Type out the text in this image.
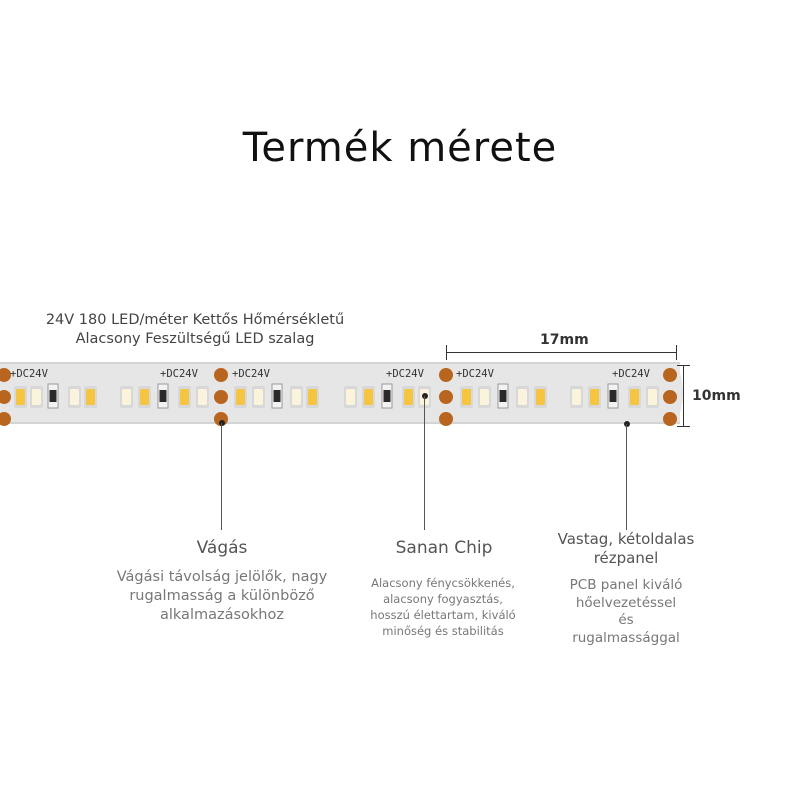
Termék mérete
24V 180 LED/méter Kettős Hőmérsékletű
Alacsony Feszültségű LED szalag
+DC24V	+DC24V	+DC24V	+DC24V	+DC24V	+DC24V
17mm
10mm
Vágás
Vágási távolság jelölők, nagy
rugalmasság a különböző
alkalmazásokhoz
Sanan Chip
Alacsony fénycsökkenés,
alacsony fogyasztás,
hosszú élettartam, kiváló
minőség és stabilitás
Vastag, kétoldalas
rézpanel
PCB panel kiváló
hőelvezetéssel
és
rugalmassággal
